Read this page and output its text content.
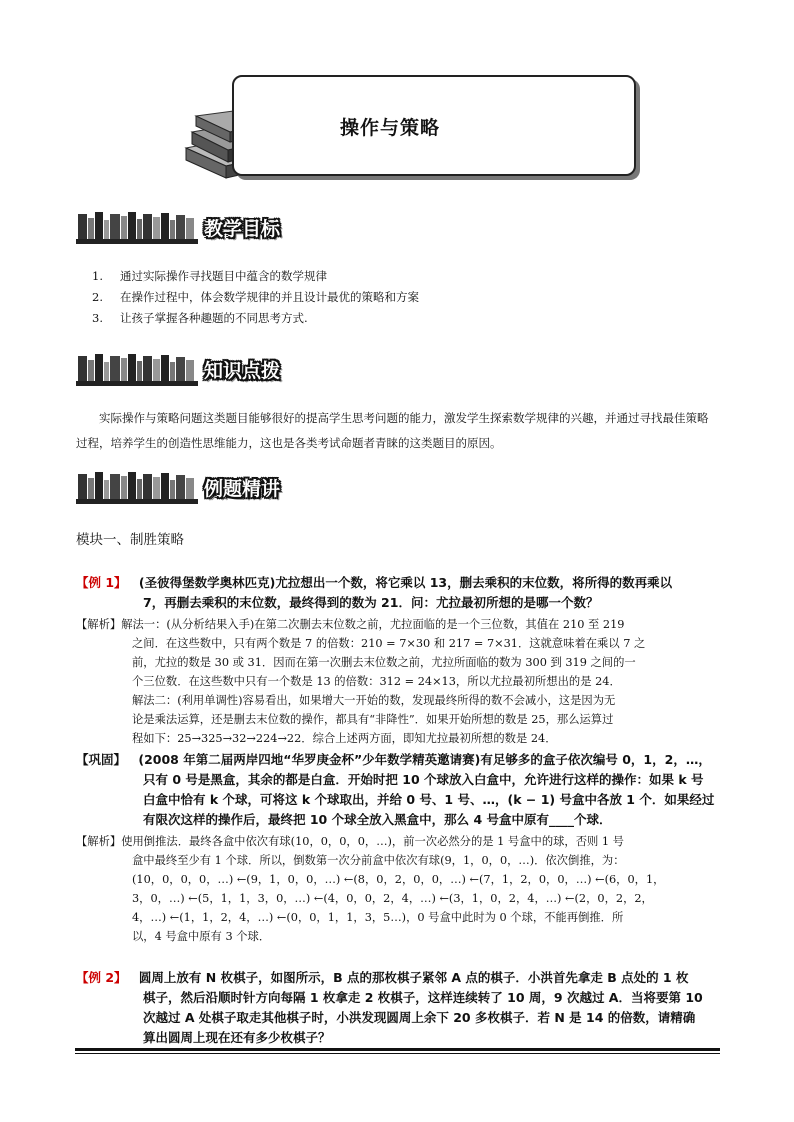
操作与策略
教学目标
1. 通过实际操作寻找题目中蕴含的数学规律
2. 在操作过程中，体会数学规律的并且设计最优的策略和方案
3. 让孩子掌握各种趣题的不同思考方式.
知识点拨
实际操作与策略问题这类题目能够很好的提高学生思考问题的能力，激发学生探索数学规律的兴趣，并通过寻找最佳策略过程，培养学生的创造性思维能力，这也是各类考试命题者青睐的这类题目的原因。
例题精讲
模块一、制胜策略
【例 1】 (圣彼得堡数学奥林匹克)尤拉想出一个数，将它乘以 13，删去乘积的末位数，将所得的数再乘以
7，再删去乘积的末位数，最终得到的数为 21．问：尤拉最初所想的是哪一个数？
【解析】解法一：(从分析结果入手)在第二次删去末位数之前，尤拉面临的是一个三位数，其值在 210 至 219
之间．在这些数中，只有两个数是 7 的倍数：210 = 7×30 和 217 = 7×31．这就意味着在乘以 7 之
前，尤拉的数是 30 或 31．因而在第一次删去末位数之前，尤拉所面临的数为 300 到 319 之间的一
个三位数．在这些数中只有一个数是 13 的倍数：312 = 24×13，所以尤拉最初所想出的是 24．
解法二：(利用单调性)容易看出，如果增大一开始的数，发现最终所得的数不会减小，这是因为无
论是乘法运算，还是删去末位数的操作，都具有“非降性”．如果开始所想的数是 25，那么运算过
程如下：25→325→32→224→22．综合上述两方面，即知尤拉最初所想的数是 24．
【巩固】 (2008 年第二届两岸四地“华罗庚金杯”少年数学精英邀请赛)有足够多的盒子依次编号 0，1，2，…，
只有 0 号是黑盒，其余的都是白盒．开始时把 10 个球放入白盒中，允许进行这样的操作：如果 k 号
白盒中恰有 k 个球，可将这 k 个球取出，并给 0 号、1 号、…，(k − 1) 号盒中各放 1 个．如果经过
有限次这样的操作后，最终把 10 个球全放入黑盒中，那么 4 号盒中原有____个球．
【解析】使用倒推法．最终各盒中依次有球(10，0，0，0，…)，前一次必然分的是 1 号盒中的球，否则 1 号
盒中最终至少有 1 个球．所以，倒数第一次分前盒中依次有球(9，1，0，0，…)．依次倒推，为：
(10，0，0，0，…) ←(9，1，0，0，…) ←(8，0，2，0，0，…) ←(7，1，2，0，0，…) ←(6，0，1，
3，0，…) ←(5，1，1，3，0，…) ←(4，0，0，2，4，…) ←(3，1，0，2，4，…) ←(2，0，2，2，
4，…) ←(1，1，2，4，…) ←(0，0，1，1，3，5…)，0 号盒中此时为 0 个球，不能再倒推．所
以，4 号盒中原有 3 个球．
【例 2】 圆周上放有 N 枚棋子，如图所示，B 点的那枚棋子紧邻 A 点的棋子．小洪首先拿走 B 点处的 1 枚
棋子，然后沿顺时针方向每隔 1 枚拿走 2 枚棋子，这样连续转了 10 周，9 次越过 A．当将要第 10
次越过 A 处棋子取走其他棋子时，小洪发现圆周上余下 20 多枚棋子．若 N 是 14 的倍数，请精确
算出圆周上现在还有多少枚棋子？
